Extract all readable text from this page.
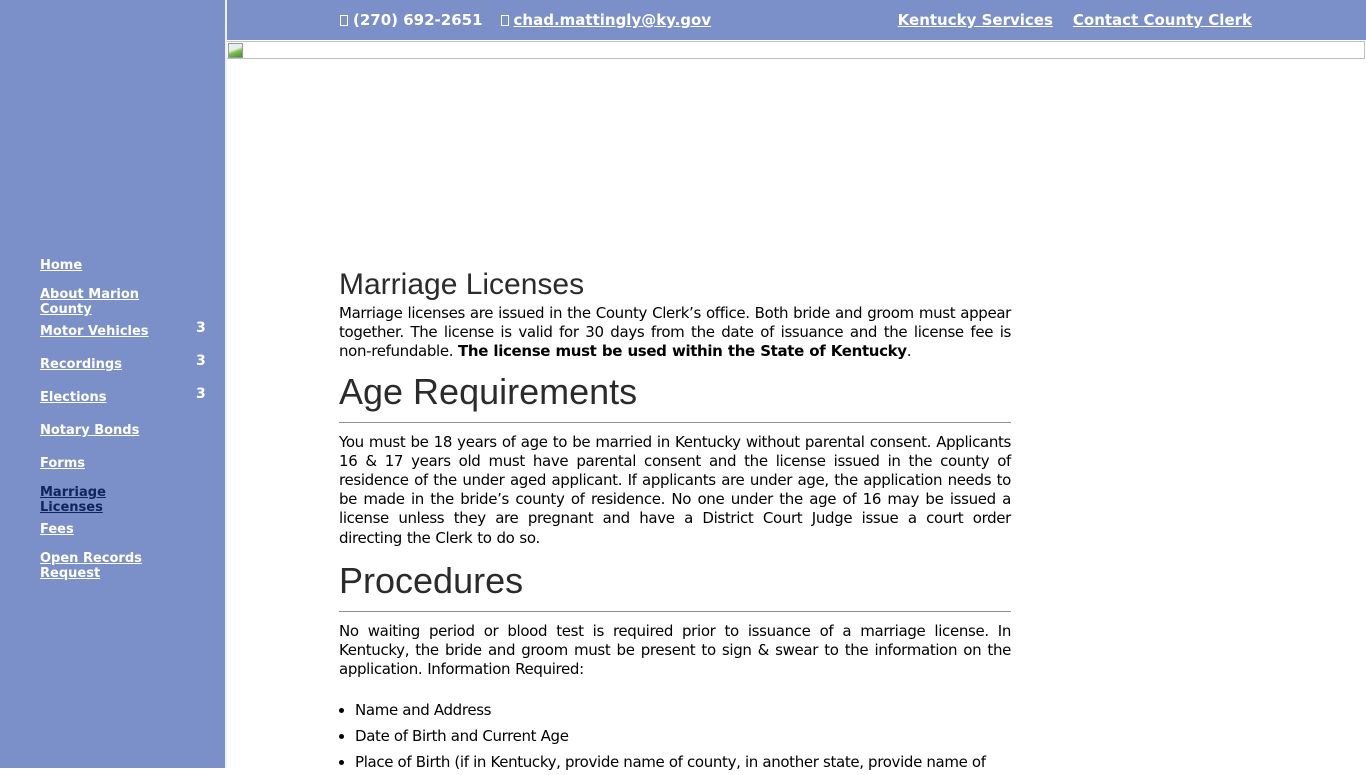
Home
About Marion County
Motor Vehicles	3
Recordings	3
Elections	3
Notary Bonds
Forms
Marriage Licenses
Fees
Open Records Request
(270) 692-2651 chad.mattingly@ky.gov	Kentucky Services Contact County Clerk
Marriage Licenses

Marriage licenses are issued in the County Clerk’s office. Both bride and groom must appear together. The license is valid for 30 days from the date of issuance and the license fee is non-refundable. The license must be used within the State of Kentucky.

Age Requirements

You must be 18 years of age to be married in Kentucky without parental consent. Applicants 16 & 17 years old must have parental consent and the license issued in the county of residence of the under aged applicant. If applicants are under age, the application needs to be made in the bride’s county of residence. No one under the age of 16 may be issued a license unless they are pregnant and have a District Court Judge issue a court order directing the Clerk to do so.

Procedures

No waiting period or blood test is required prior to issuance of a marriage license. In Kentucky, the bride and groom must be present to sign & swear to the information on the application. Information Required:

• Name and Address
• Date of Birth and Current Age
• Place of Birth (if in Kentucky, provide name of county, in another state, provide name of
